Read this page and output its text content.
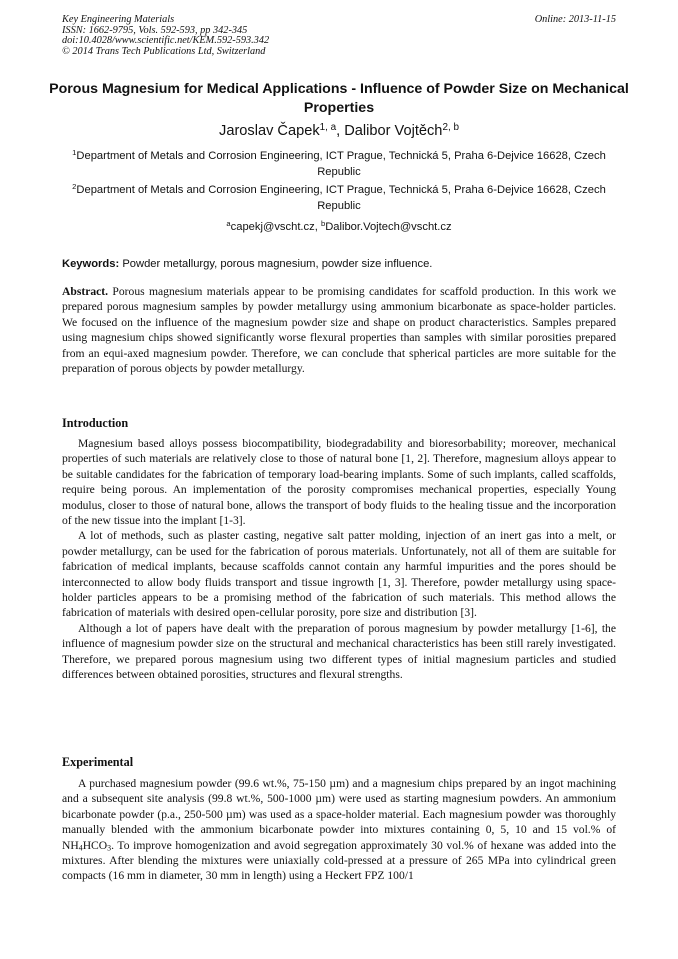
Key Engineering Materials
ISSN: 1662-9795, Vols. 592-593, pp 342-345
doi:10.4028/www.scientific.net/KEM.592-593.342
© 2014 Trans Tech Publications Ltd, Switzerland
Online: 2013-11-15
Porous Magnesium for Medical Applications - Influence of Powder Size on Mechanical Properties
Jaroslav Čapek$^{1, a}$, Dalibor Vojtěch$^{2, b}$
$^1$Department of Metals and Corrosion Engineering, ICT Prague, Technická 5, Praha 6-Dejvice 16628, Czech Republic
$^2$Department of Metals and Corrosion Engineering, ICT Prague, Technická 5, Praha 6-Dejvice 16628, Czech Republic
$^a$capekj@vscht.cz, $^b$Dalibor.Vojtech@vscht.cz
Keywords: Powder metallurgy, porous magnesium, powder size influence.
Abstract. Porous magnesium materials appear to be promising candidates for scaffold production. In this work we prepared porous magnesium samples by powder metallurgy using ammonium bicarbonate as space-holder particles. We focused on the influence of the magnesium powder size and shape on product characteristics. Samples prepared using magnesium chips showed significantly worse flexural properties than samples with similar porosities prepared from an equi-axed magnesium powder. Therefore, we can conclude that spherical particles are more suitable for the preparation of porous objects by powder metallurgy.
Introduction

Magnesium based alloys possess biocompatibility, biodegradability and bioresorbability; moreover, mechanical properties of such materials are relatively close to those of natural bone [1, 2]. Therefore, magnesium alloys appear to be suitable candidates for the fabrication of temporary load-bearing implants. Some of such implants, called scaffolds, require being porous. An implementation of the porosity compromises mechanical properties, especially Young modulus, closer to those of natural bone, allows the transport of body fluids to the healing tissue and the incorporation of the new tissue into the implant [1-3].

A lot of methods, such as plaster casting, negative salt patter molding, injection of an inert gas into a melt, or powder metallurgy, can be used for the fabrication of porous materials. Unfortunately, not all of them are suitable for fabrication of medical implants, because scaffolds cannot contain any harmful impurities and the pores should be interconnected to allow body fluids transport and tissue ingrowth [1, 3]. Therefore, powder metallurgy using space-holder particles appears to be a promising method of the fabrication of such materials. This method allows the fabrication of materials with desired open-cellular porosity, pore size and distribution [3].

Although a lot of papers have dealt with the preparation of porous magnesium by powder metallurgy [1-6], the influence of magnesium powder size on the structural and mechanical characteristics has been still rarely investigated. Therefore, we prepared porous magnesium using two different types of initial magnesium particles and studied differences between obtained porosities, structures and flexural strengths.

Experimental

A purchased magnesium powder (99.6 wt.%, 75-150 µm) and a magnesium chips prepared by an ingot machining and a subsequent site analysis (99.8 wt.%, 500-1000 µm) were used as starting magnesium powders. An ammonium bicarbonate powder (p.a., 250-500 µm) was used as a space-holder material. Each magnesium powder was thoroughly manually blended with the ammonium bicarbonate powder into mixtures containing 0, 5, 10 and 15 vol.% of $NH_4HCO_3$. To improve homogenization and avoid segregation approximately 30 vol.% of hexane was added into the mixtures. After blending the mixtures were uniaxially cold-pressed at a pressure of 265 MPa into cylindrical green compacts (16 mm in diameter, 30 mm in length) using a Heckert FPZ 100/1
